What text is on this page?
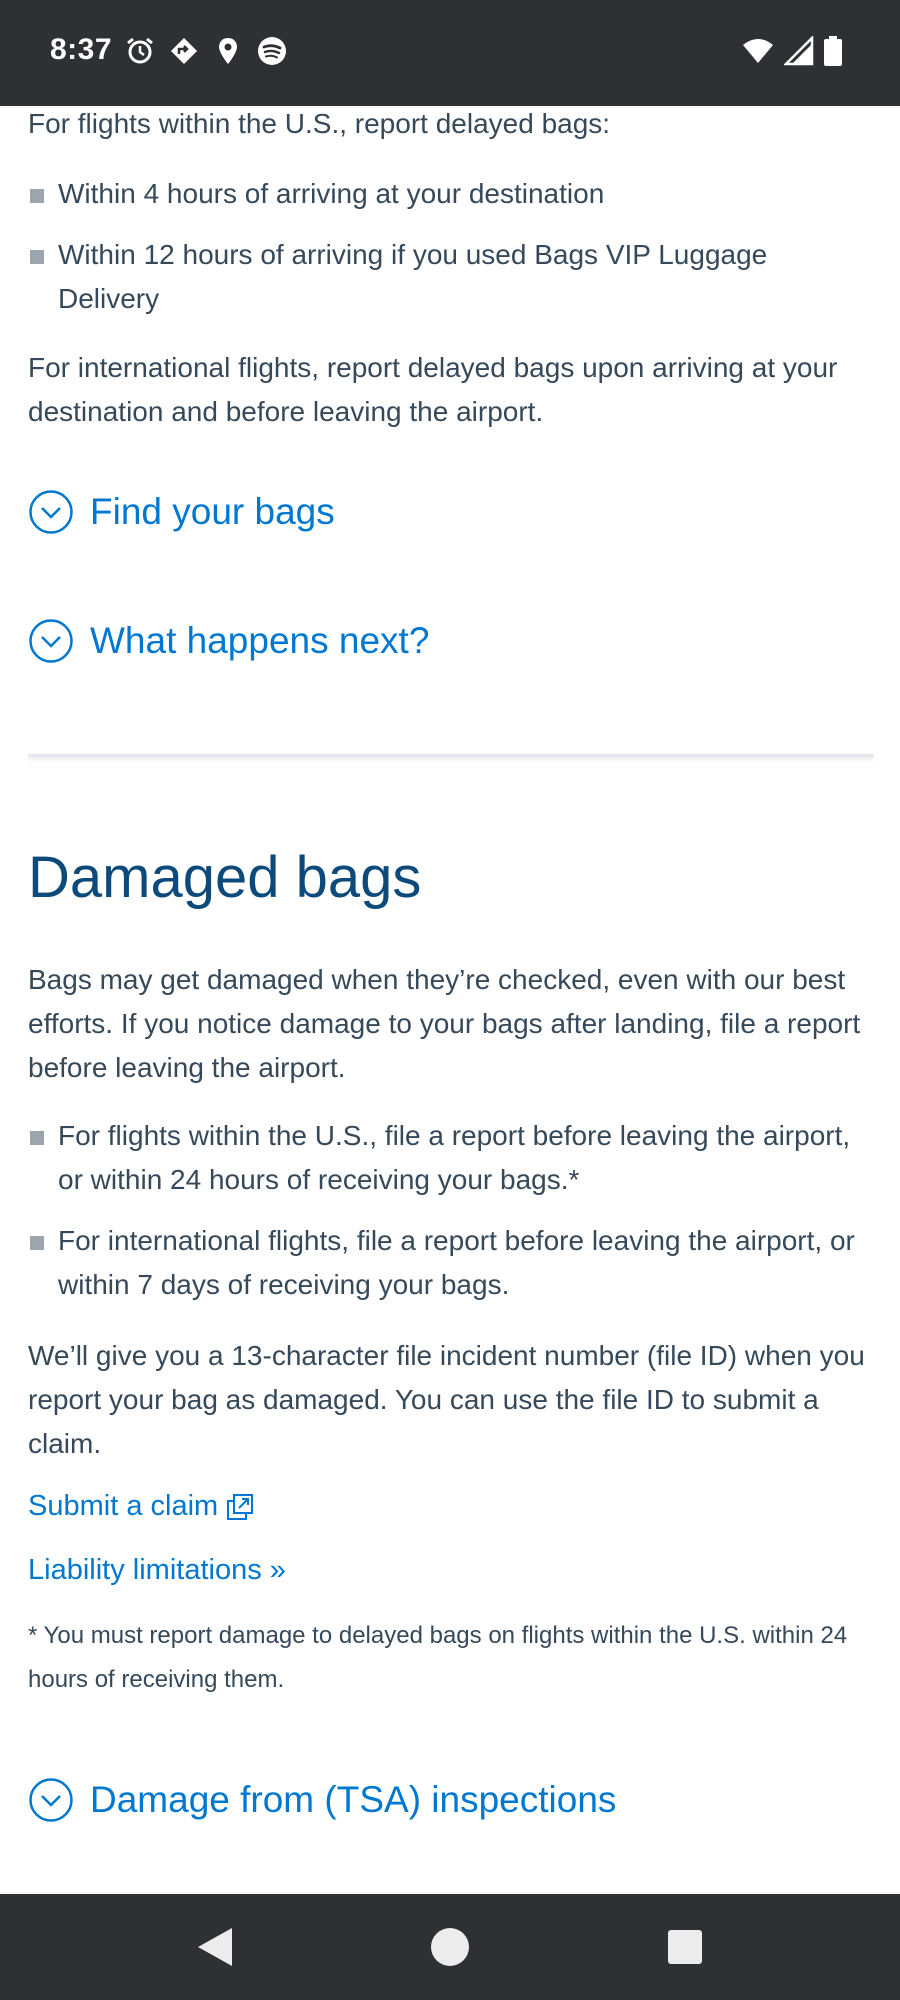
8:37

For flights within the U.S., report delayed bags:

Within 4 hours of arriving at your destination
Within 12 hours of arriving if you used Bags VIP Luggage Delivery

For international flights, report delayed bags upon arriving at your destination and before leaving the airport.

Find your bags
What happens next?
Damaged bags

Bags may get damaged when they’re checked, even with our best efforts. If you notice damage to your bags after landing, file a report before leaving the airport.

For flights within the U.S., file a report before leaving the airport, or within 24 hours of receiving your bags.*
For international flights, file a report before leaving the airport, or within 7 days of receiving your bags.

We’ll give you a 13-character file incident number (file ID) when you report your bag as damaged. You can use the file ID to submit a claim.

Submit a claim
Liability limitations »

* You must report damage to delayed bags on flights within the U.S. within 24 hours of receiving them.

Damage from (TSA) inspections
